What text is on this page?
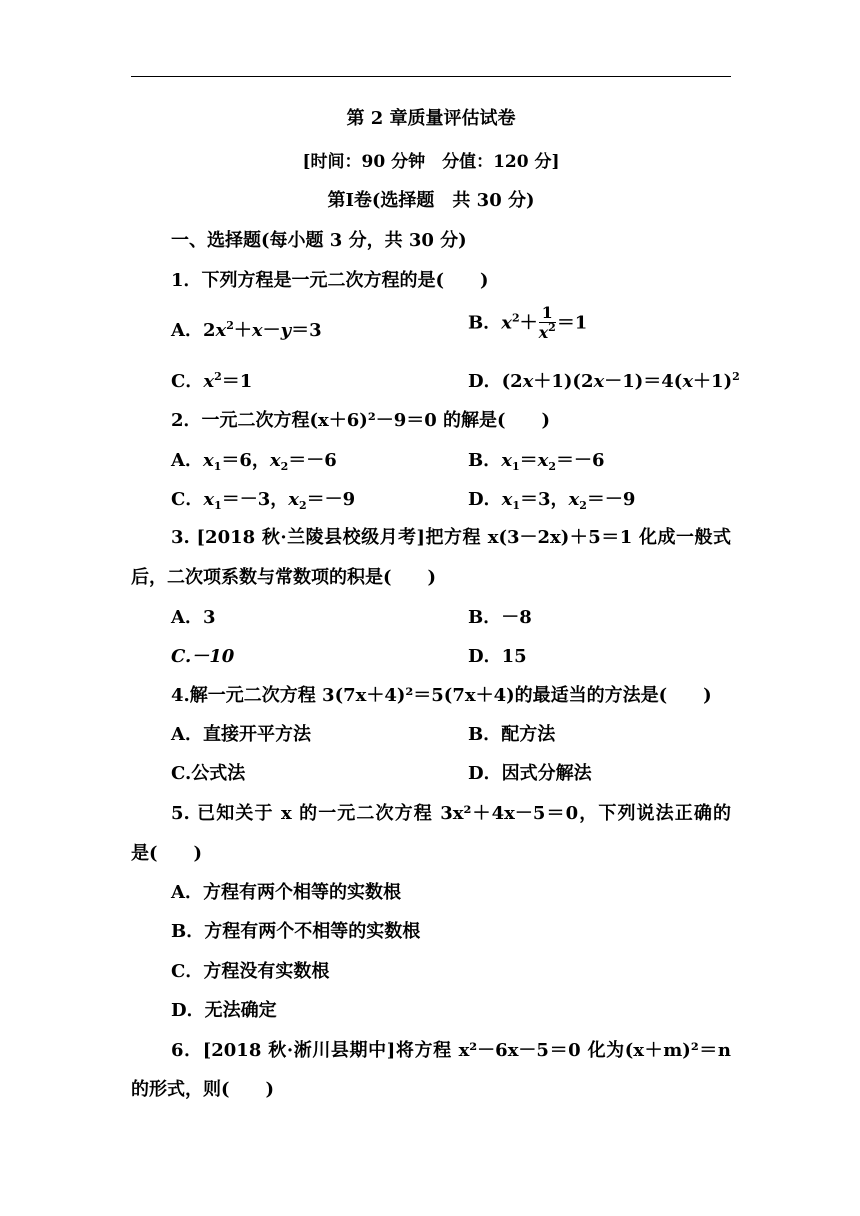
第 2 章质量评估试卷
[时间：90 分钟　分值：120 分]
第Ⅰ卷(选择题　共 30 分)
一、选择题(每小题 3 分，共 30 分)
1．下列方程是一元二次方程的是(　　)
A．$2x^2+x-y=3$	B．$x^2+ \frac{1}{x^2} =1$
C．$x^2=1$	D．$(2x+1)(2x-1)=4(x+1)^2$
2．一元二次方程(x＋6)²－9＝0 的解是(　　)
A．$x_1=6$，$x_2=-6$	B．$x_1=x_2=-6$
C．$x_1=-3$，$x_2=-9$	D．$x_1=3$，$x_2=-9$
3. [2018 秋·兰陵县校级月考]把方程 x(3－2x)＋5＝1 化成一般式
后，二次项系数与常数项的积是(　　)
A．3	B．－8
C.－10	D．15
4.解一元二次方程 3(7x＋4)²＝5(7x＋4)的最适当的方法是(　　)
A．直接开平方法	B．配方法
C.公式法	D．因式分解法
5. 已知关于 x 的一元二次方程 3x²＋4x－5＝0，下列说法正确的
是(　　)
A．方程有两个相等的实数根
B．方程有两个不相等的实数根
C．方程没有实数根
D．无法确定
6．[2018 秋·淅川县期中]将方程 x²－6x－5＝0 化为(x＋m)²＝n
的形式，则(　　)
